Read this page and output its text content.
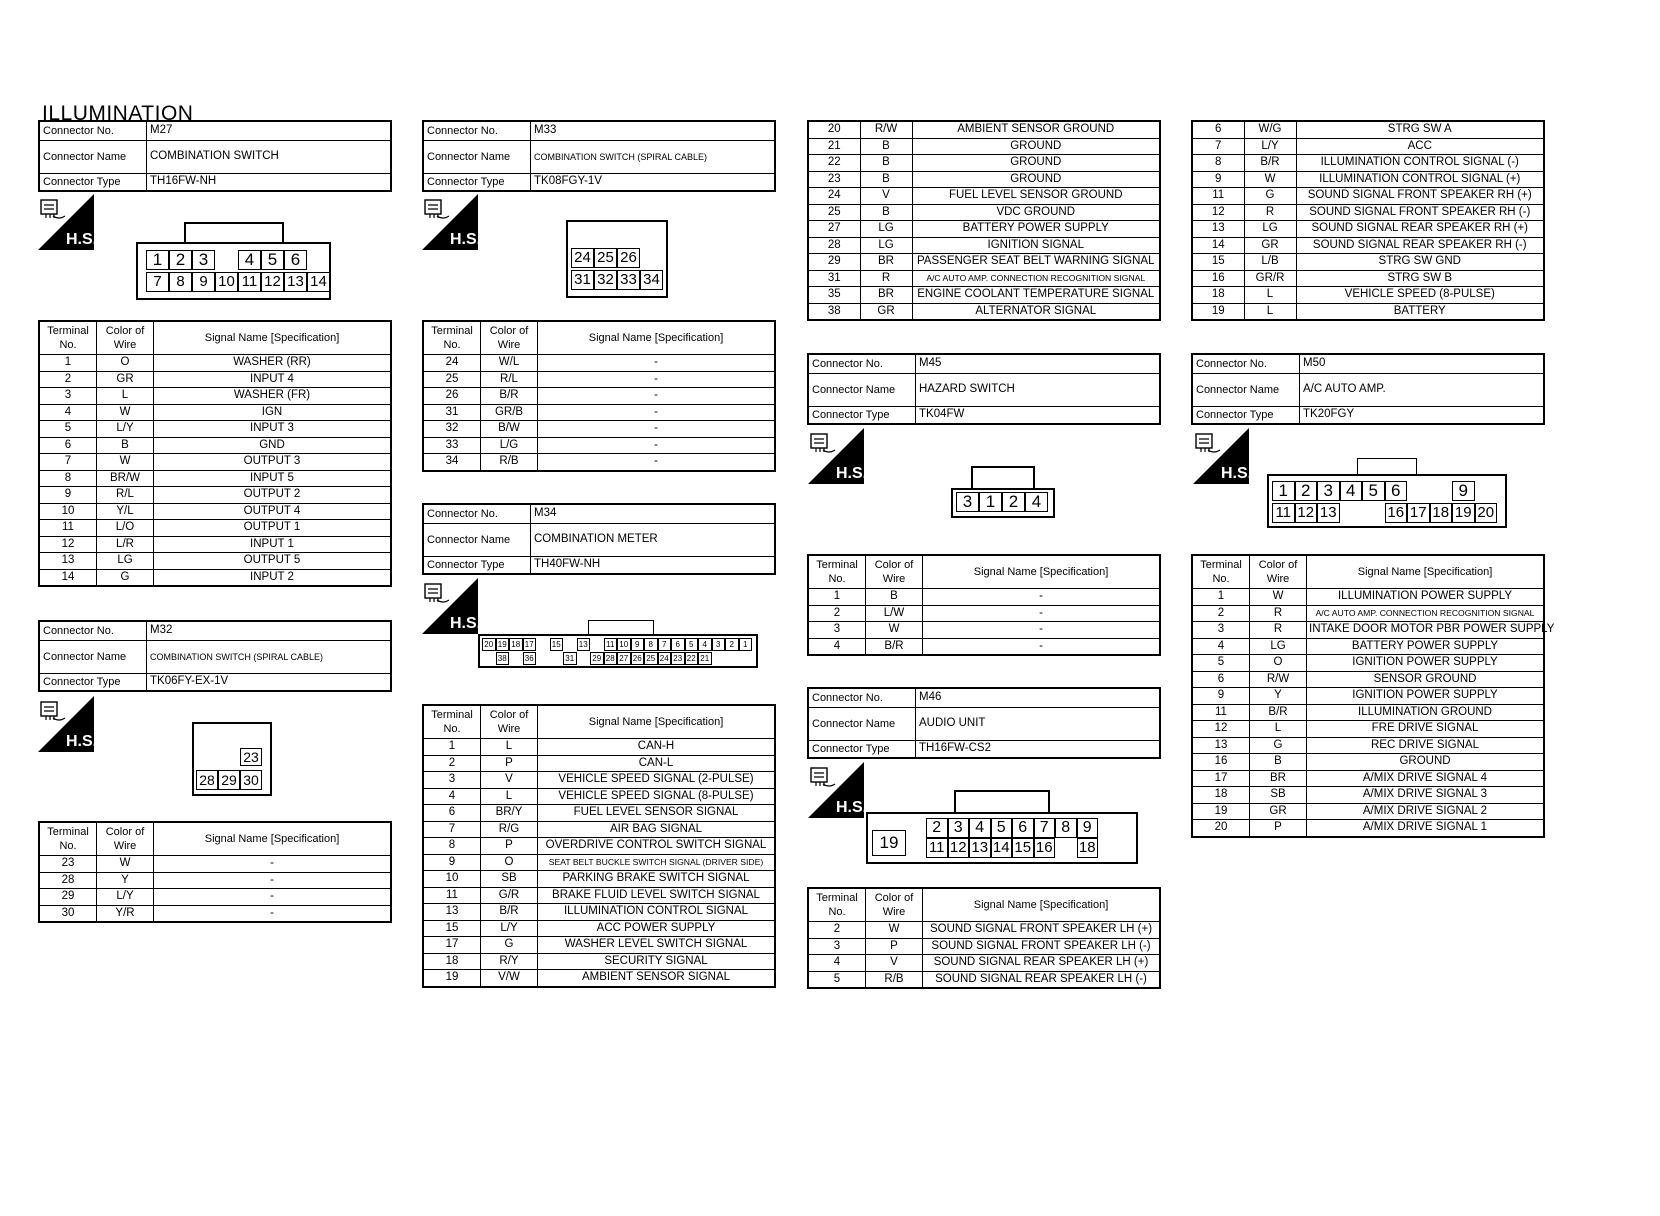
ILLUMINATION
Connector No.	M27
Connector Name	COMBINATION SWITCH
Connector Type	TH16FW-NH
H.S.
1 2 3	4 5 6
7 8 9 10 11 12 13 14
Terminal No.	Color of Wire	Signal Name [Specification]
1	O	WASHER (RR)
2	GR	INPUT 4
3	L	WASHER (FR)
4	W	IGN
5	L/Y	INPUT 3
6	B	GND
7	W	OUTPUT 3
8	BR/W	INPUT 5
9	R/L	OUTPUT 2
10	Y/L	OUTPUT 4
11	L/O	OUTPUT 1
12	L/R	INPUT 1
13	LG	OUTPUT 5
14	G	INPUT 2
Connector No.	M32
Connector Name	COMBINATION SWITCH (SPIRAL CABLE)
Connector Type	TK06FY-EX-1V
H.S.
23
28 29 30
Terminal No.	Color of Wire	Signal Name [Specification]
23	W	-
28	Y	-
29	L/Y	-
30	Y/R	-
Connector No.	M33
Connector Name	COMBINATION SWITCH (SPIRAL CABLE)
Connector Type	TK08FGY-1V
H.S.
24 25 26
31 32 33 34
Terminal No.	Color of Wire	Signal Name [Specification]
24	W/L	-
25	R/L	-
26	B/R	-
31	GR/B	-
32	B/W	-
33	L/G	-
34	R/B	-
Connector No.	M34
Connector Name	COMBINATION METER
Connector Type	TH40FW-NH
H.S.
20 19 18 17 15 13	11 10 9	8	7	6	5	4	3	2	1
38 36	31 29 28 27 26 25 24 23 22 21
Terminal No.	Color of Wire	Signal Name [Specification]
1	L	CAN-H
2	P	CAN-L
3	V	VEHICLE SPEED SIGNAL (2-PULSE)
4	L	VEHICLE SPEED SIGNAL (8-PULSE)
6	BR/Y	FUEL LEVEL SENSOR SIGNAL
7	R/G	AIR BAG SIGNAL
8	P	OVERDRIVE CONTROL SWITCH SIGNAL
9	O	SEAT BELT BUCKLE SWITCH SIGNAL (DRIVER SIDE)
10	SB	PARKING BRAKE SWITCH SIGNAL
11	G/R	BRAKE FLUID LEVEL SWITCH SIGNAL
13	B/R	ILLUMINATION CONTROL SIGNAL
15	L/Y	ACC POWER SUPPLY
17	G	WASHER LEVEL SWITCH SIGNAL
18	R/Y	SECURITY SIGNAL
19	V/W	AMBIENT SENSOR SIGNAL
20	R/W	AMBIENT SENSOR GROUND
21	B	GROUND
22	B	GROUND
23	B	GROUND
24	V	FUEL LEVEL SENSOR GROUND
25	B	VDC GROUND
27	LG	BATTERY POWER SUPPLY
28	LG	IGNITION SIGNAL
29	BR	PASSENGER SEAT BELT WARNING SIGNAL
31	R	A/C AUTO AMP. CONNECTION RECOGNITION SIGNAL
35	BR	ENGINE COOLANT TEMPERATURE SIGNAL
38	GR	ALTERNATOR SIGNAL
Connector No.	M45
Connector Name	HAZARD SWITCH
Connector Type	TK04FW
H.S.
3 1 2 4
Terminal No.	Color of Wire	Signal Name [Specification]
1	B	-
2	L/W	-
3	W	-
4	B/R	-
Connector No.	M46
Connector Name	AUDIO UNIT
Connector Type	TH16FW-CS2
H.S.
19
2 3 4 5 6 7 8 9
11 12 13 14 15 16 18
Terminal No.	Color of Wire	Signal Name [Specification]
2	W	SOUND SIGNAL FRONT SPEAKER LH (+)
3	P	SOUND SIGNAL FRONT SPEAKER LH (-)
4	V	SOUND SIGNAL REAR SPEAKER LH (+)
5	R/B	SOUND SIGNAL REAR SPEAKER LH (-)
6	W/G	STRG SW A
7	L/Y	ACC
8	B/R	ILLUMINATION CONTROL SIGNAL (-)
9	W	ILLUMINATION CONTROL SIGNAL (+)
11	G	SOUND SIGNAL FRONT SPEAKER RH (+)
12	R	SOUND SIGNAL FRONT SPEAKER RH (-)
13	LG	SOUND SIGNAL REAR SPEAKER RH (+)
14	GR	SOUND SIGNAL REAR SPEAKER RH (-)
15	L/B	STRG SW GND
16	GR/R	STRG SW B
18	L	VEHICLE SPEED (8-PULSE)
19	L	BATTERY
Connector No.	M50
Connector Name	A/C AUTO AMP.
Connector Type	TK20FGY
H.S.
1 2 3 4 5 6	9
11 12 13	16 17 18 19 20
Terminal No.	Color of Wire	Signal Name [Specification]
1	W	ILLUMINATION POWER SUPPLY
2	R	A/C AUTO AMP. CONNECTION RECOGNITION SIGNAL
3	R	INTAKE DOOR MOTOR PBR POWER SUPPLY
4	LG	BATTERY POWER SUPPLY
5	O	IGNITION POWER SUPPLY
6	R/W	SENSOR GROUND
9	Y	IGNITION POWER SUPPLY
11	B/R	ILLUMINATION GROUND
12	L	FRE DRIVE SIGNAL
13	G	REC DRIVE SIGNAL
16	B	GROUND
17	BR	A/MIX DRIVE SIGNAL 4
18	SB	A/MIX DRIVE SIGNAL 3
19	GR	A/MIX DRIVE SIGNAL 2
20	P	A/MIX DRIVE SIGNAL 1
